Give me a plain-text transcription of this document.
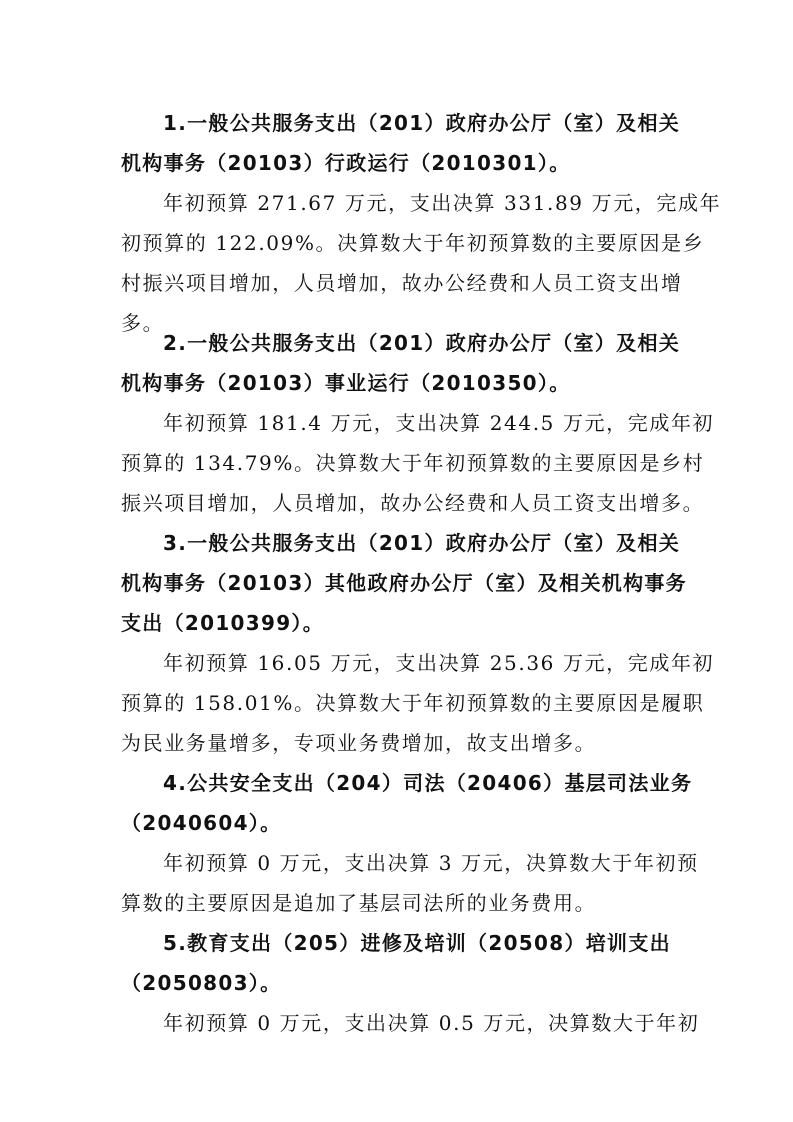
1.一般公共服务支出（201）政府办公厅（室）及相关
机构事务（20103）行政运行（2010301）。
年初预算 271.67 万元，支出决算 331.89 万元，完成年
初预算的 122.09%。决算数大于年初预算数的主要原因是乡
村振兴项目增加，人员增加，故办公经费和人员工资支出增
多。
2.一般公共服务支出（201）政府办公厅（室）及相关
机构事务（20103）事业运行（2010350）。
年初预算 181.4 万元，支出决算 244.5 万元，完成年初
预算的 134.79%。决算数大于年初预算数的主要原因是乡村
振兴项目增加，人员增加，故办公经费和人员工资支出增多。
3.一般公共服务支出（201）政府办公厅（室）及相关
机构事务（20103）其他政府办公厅（室）及相关机构事务
支出（2010399）。
年初预算 16.05 万元，支出决算 25.36 万元，完成年初
预算的 158.01%。决算数大于年初预算数的主要原因是履职
为民业务量增多，专项业务费增加，故支出增多。
4.公共安全支出（204）司法（20406）基层司法业务
（2040604）。
年初预算 0 万元，支出决算 3 万元，决算数大于年初预
算数的主要原因是追加了基层司法所的业务费用。
5.教育支出（205）进修及培训（20508）培训支出
（2050803）。
年初预算 0 万元，支出决算 0.5 万元，决算数大于年初
